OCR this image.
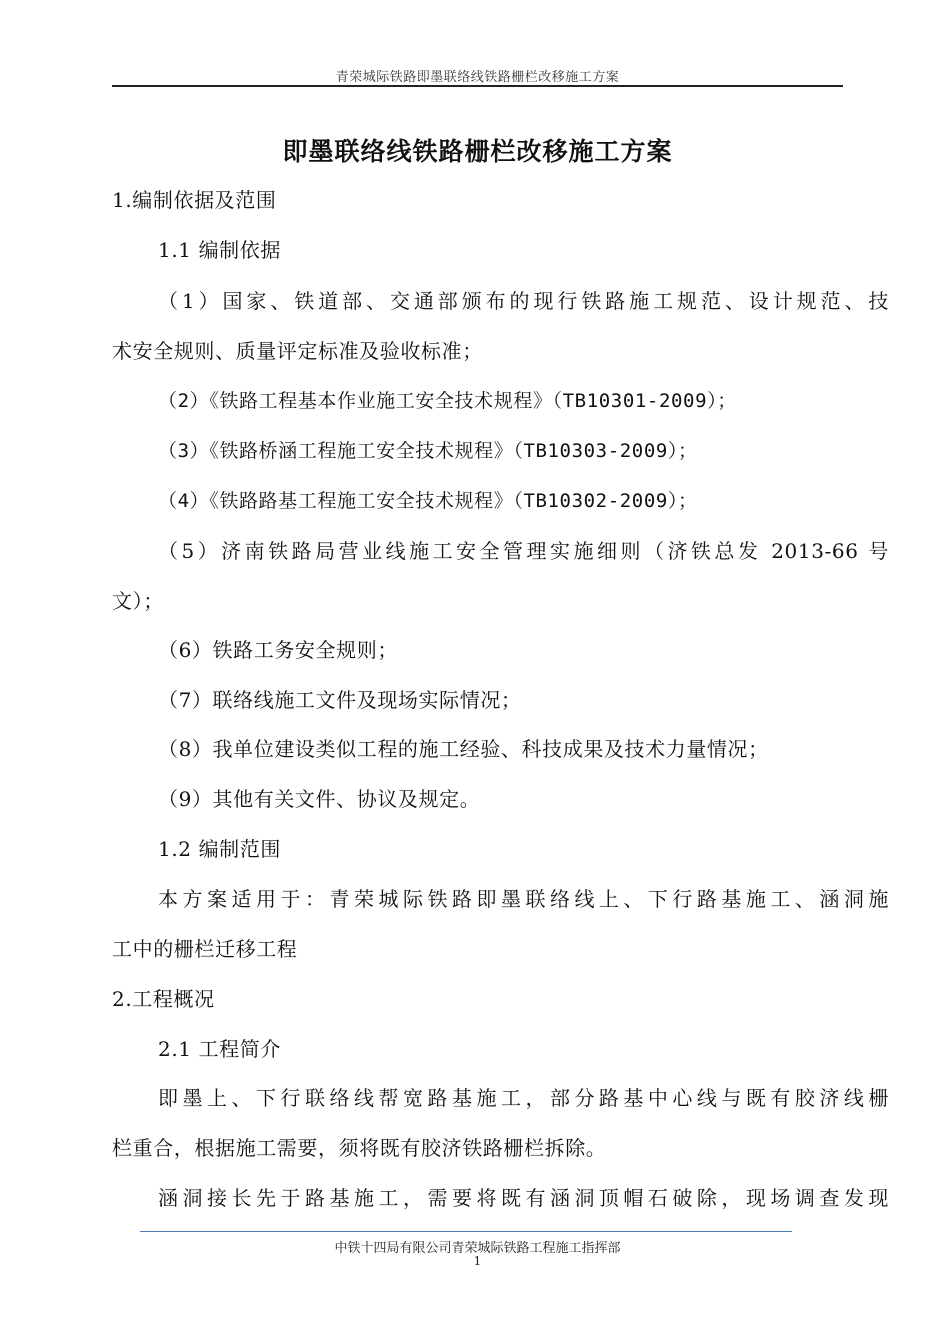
青荣城际铁路即墨联络线铁路栅栏改移施工方案
即墨联络线铁路栅栏改移施工方案
1.编制依据及范围
1.1 编制依据
（1）国家、铁道部、交通部颁布的现行铁路施工规范、设计规范、技
术安全规则、质量评定标准及验收标准；
（2）《铁路工程基本作业施工安全技术规程》（TB10301-2009）；
（3）《铁路桥涵工程施工安全技术规程》（TB10303-2009）；
（4）《铁路路基工程施工安全技术规程》（TB10302-2009）；
（5）济南铁路局营业线施工安全管理实施细则（济铁总发 2013-66 号
文）；
（6）铁路工务安全规则；
（7）联络线施工文件及现场实际情况；
（8）我单位建设类似工程的施工经验、科技成果及技术力量情况；
（9）其他有关文件、协议及规定。
1.2 编制范围
本方案适用于：青荣城际铁路即墨联络线上、下行路基施工、涵洞施
工中的栅栏迁移工程
2.工程概况
2.1 工程简介
即墨上、下行联络线帮宽路基施工，部分路基中心线与既有胶济线栅
栏重合，根据施工需要，须将既有胶济铁路栅栏拆除。
涵洞接长先于路基施工，需要将既有涵洞顶帽石破除，现场调查发现
中铁十四局有限公司青荣城际铁路工程施工指挥部
1
